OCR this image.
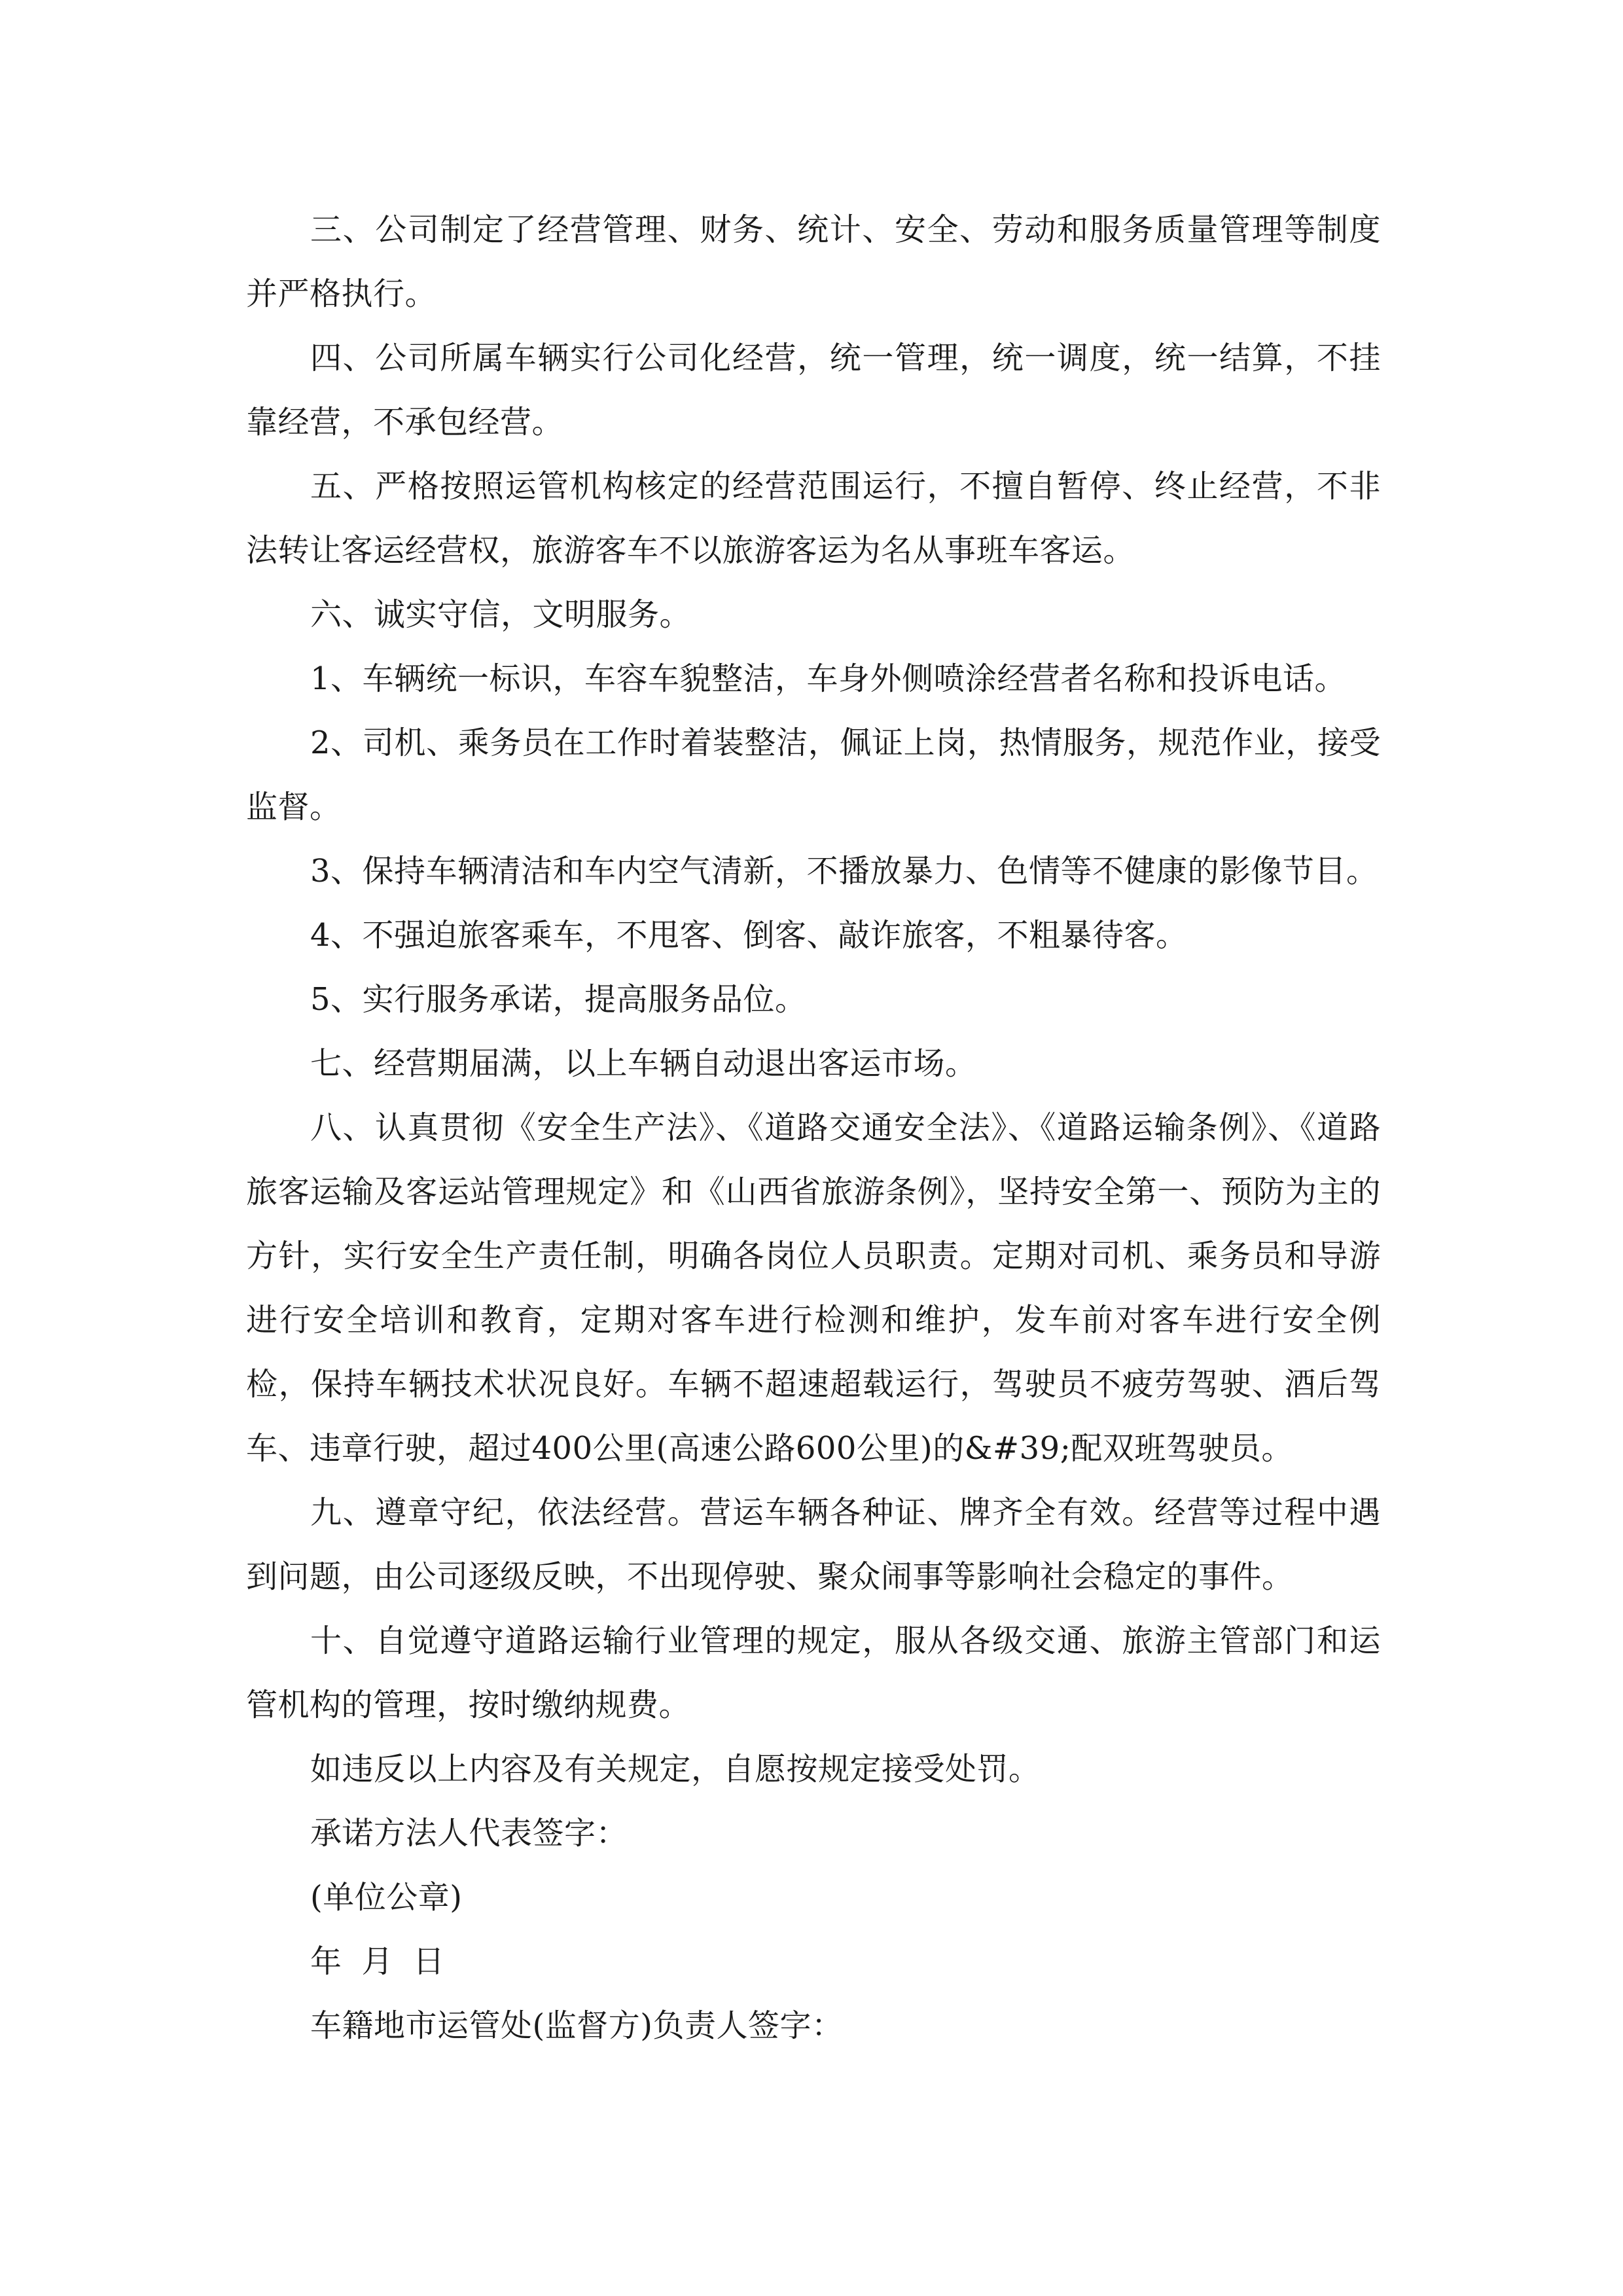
三、公司制定了经营管理、财务、统计、安全、劳动和服务质量管理等制度并严格执行。

四、公司所属车辆实行公司化经营，统一管理，统一调度，统一结算，不挂靠经营，不承包经营。

五、严格按照运管机构核定的经营范围运行，不擅自暂停、终止经营，不非法转让客运经营权，旅游客车不以旅游客运为名从事班车客运。

六、诚实守信，文明服务。

1、车辆统一标识，车容车貌整洁，车身外侧喷涂经营者名称和投诉电话。

2、司机、乘务员在工作时着装整洁，佩证上岗，热情服务，规范作业，接受监督。

3、保持车辆清洁和车内空气清新，不播放暴力、色情等不健康的影像节目。

4、不强迫旅客乘车，不甩客、倒客、敲诈旅客，不粗暴待客。

5、实行服务承诺，提高服务品位。

七、经营期届满，以上车辆自动退出客运市场。

八、认真贯彻《安全生产法》、《道路交通安全法》、《道路运输条例》、《道路旅客运输及客运站管理规定》和《山西省旅游条例》，坚持安全第一、预防为主的方针，实行安全生产责任制，明确各岗位人员职责。定期对司机、乘务员和导游进行安全培训和教育，定期对客车进行检测和维护，发车前对客车进行安全例检，保持车辆技术状况良好。车辆不超速超载运行，驾驶员不疲劳驾驶、酒后驾车、违章行驶，超过400公里(高速公路600公里)的&#39;配双班驾驶员。

九、遵章守纪，依法经营。营运车辆各种证、牌齐全有效。经营等过程中遇到问题，由公司逐级反映，不出现停驶、聚众闹事等影响社会稳定的事件。

十、自觉遵守道路运输行业管理的规定，服从各级交通、旅游主管部门和运管机构的管理，按时缴纳规费。

如违反以上内容及有关规定，自愿按规定接受处罚。

承诺方法人代表签字：

(单位公章)

年 月 日

车籍地市运管处(监督方)负责人签字：
